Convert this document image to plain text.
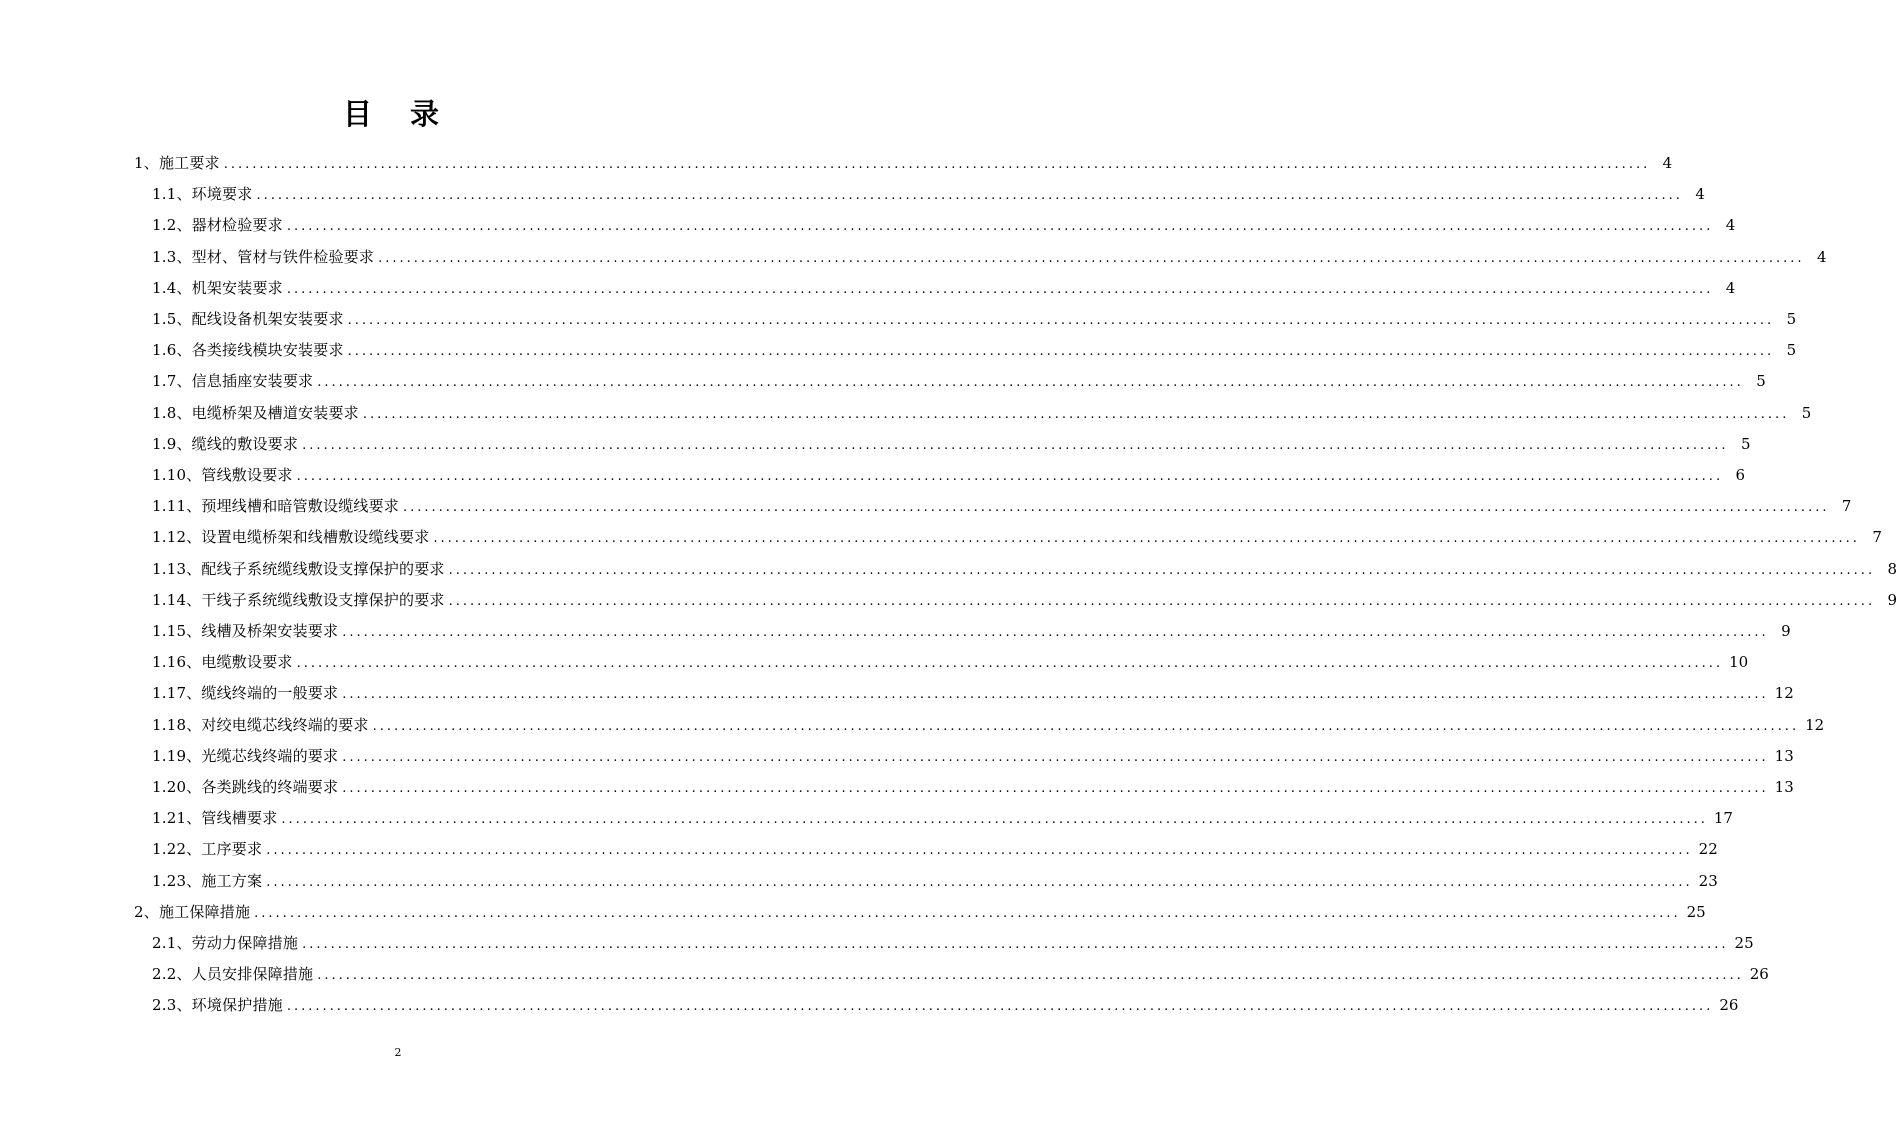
目 录
1、施工要求 ........................................................................................................................................................................................................ 4
1.1、环境要求 ........................................................................................................................................................................................................ 4
1.2、器材检验要求 ........................................................................................................................................................................................................ 4
1.3、型材、管材与铁件检验要求 ........................................................................................................................................................................................................ 4
1.4、机架安装要求 ........................................................................................................................................................................................................ 4
1.5、配线设备机架安装要求 ........................................................................................................................................................................................................ 5
1.6、各类接线模块安装要求 ........................................................................................................................................................................................................ 5
1.7、信息插座安装要求 ........................................................................................................................................................................................................ 5
1.8、电缆桥架及槽道安装要求 ........................................................................................................................................................................................................ 5
1.9、缆线的敷设要求 ........................................................................................................................................................................................................ 5
1.10、管线敷设要求 ........................................................................................................................................................................................................ 6
1.11、预埋线槽和暗管敷设缆线要求 ........................................................................................................................................................................................................ 7
1.12、设置电缆桥架和线槽敷设缆线要求 ........................................................................................................................................................................................................ 7
1.13、配线子系统缆线敷设支撑保护的要求 ........................................................................................................................................................................................................ 8
1.14、干线子系统缆线敷设支撑保护的要求 ........................................................................................................................................................................................................ 9
1.15、线槽及桥架安装要求 ........................................................................................................................................................................................................ 9
1.16、电缆敷设要求 ........................................................................................................................................................................................................ 10
1.17、缆线终端的一般要求 ........................................................................................................................................................................................................ 12
1.18、对绞电缆芯线终端的要求 ........................................................................................................................................................................................................ 12
1.19、光缆芯线终端的要求 ........................................................................................................................................................................................................ 13
1.20、各类跳线的终端要求 ........................................................................................................................................................................................................ 13
1.21、管线槽要求 ........................................................................................................................................................................................................ 17
1.22、工序要求 ........................................................................................................................................................................................................ 22
1.23、施工方案 ........................................................................................................................................................................................................ 23
2、施工保障措施 ........................................................................................................................................................................................................ 25
2.1、劳动力保障措施 ........................................................................................................................................................................................................ 25
2.2、人员安排保障措施 ........................................................................................................................................................................................................ 26
2.3、环境保护措施 ........................................................................................................................................................................................................ 26
2
